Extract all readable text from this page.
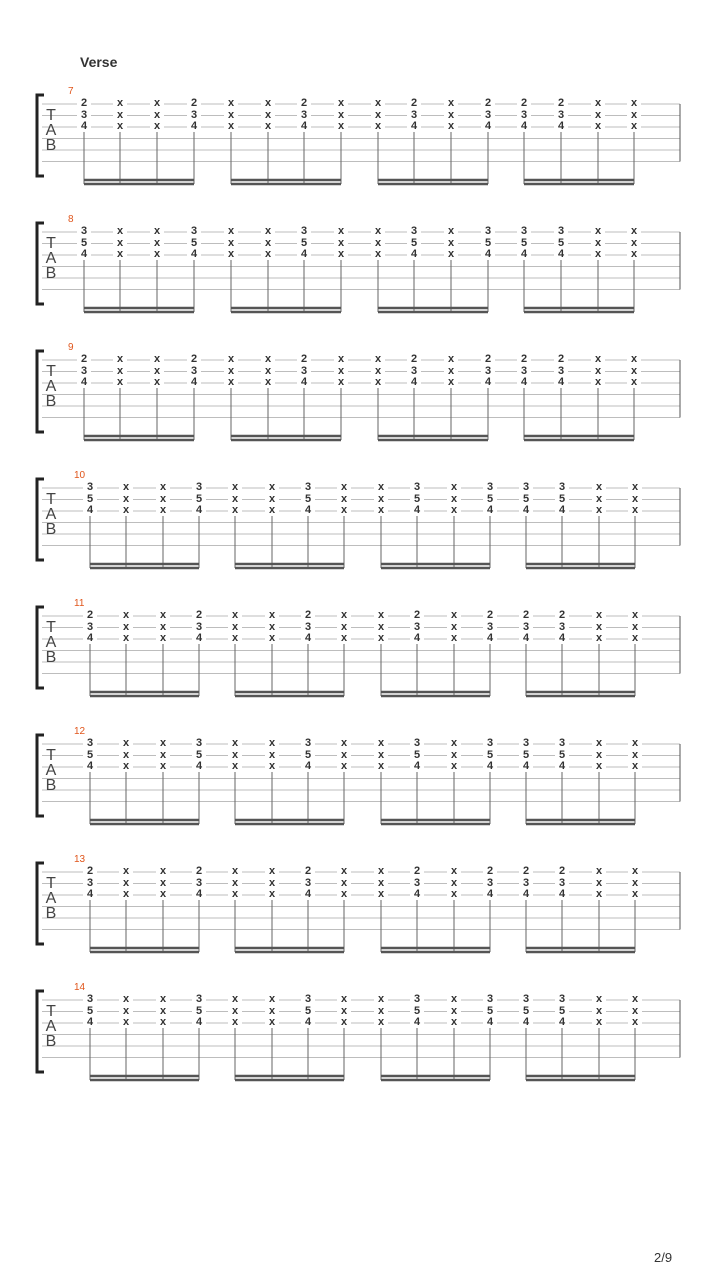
Verse
7
T
A
B
2
3
4
x
x
x
x
x
x
2
3
4
x
x
x
x
x
x
2
3
4
x
x
x
x
x
x
2
3
4
x
x
x
2
3
4
2
3
4
2
3
4
x
x
x
x
x
x
8
T
A
B
3
5
4
x
x
x
x
x
x
3
5
4
x
x
x
x
x
x
3
5
4
x
x
x
x
x
x
3
5
4
x
x
x
3
5
4
3
5
4
3
5
4
x
x
x
x
x
x
9
T
A
B
2
3
4
x
x
x
x
x
x
2
3
4
x
x
x
x
x
x
2
3
4
x
x
x
x
x
x
2
3
4
x
x
x
2
3
4
2
3
4
2
3
4
x
x
x
x
x
x
10
T
A
B
3
5
4
x
x
x
x
x
x
3
5
4
x
x
x
x
x
x
3
5
4
x
x
x
x
x
x
3
5
4
x
x
x
3
5
4
3
5
4
3
5
4
x
x
x
x
x
x
11
T
A
B
2
3
4
x
x
x
x
x
x
2
3
4
x
x
x
x
x
x
2
3
4
x
x
x
x
x
x
2
3
4
x
x
x
2
3
4
2
3
4
2
3
4
x
x
x
x
x
x
12
T
A
B
3
5
4
x
x
x
x
x
x
3
5
4
x
x
x
x
x
x
3
5
4
x
x
x
x
x
x
3
5
4
x
x
x
3
5
4
3
5
4
3
5
4
x
x
x
x
x
x
13
T
A
B
2
3
4
x
x
x
x
x
x
2
3
4
x
x
x
x
x
x
2
3
4
x
x
x
x
x
x
2
3
4
x
x
x
2
3
4
2
3
4
2
3
4
x
x
x
x
x
x
14
T
A
B
3
5
4
x
x
x
x
x
x
3
5
4
x
x
x
x
x
x
3
5
4
x
x
x
x
x
x
3
5
4
x
x
x
3
5
4
3
5
4
3
5
4
x
x
x
x
x
x
2/9
